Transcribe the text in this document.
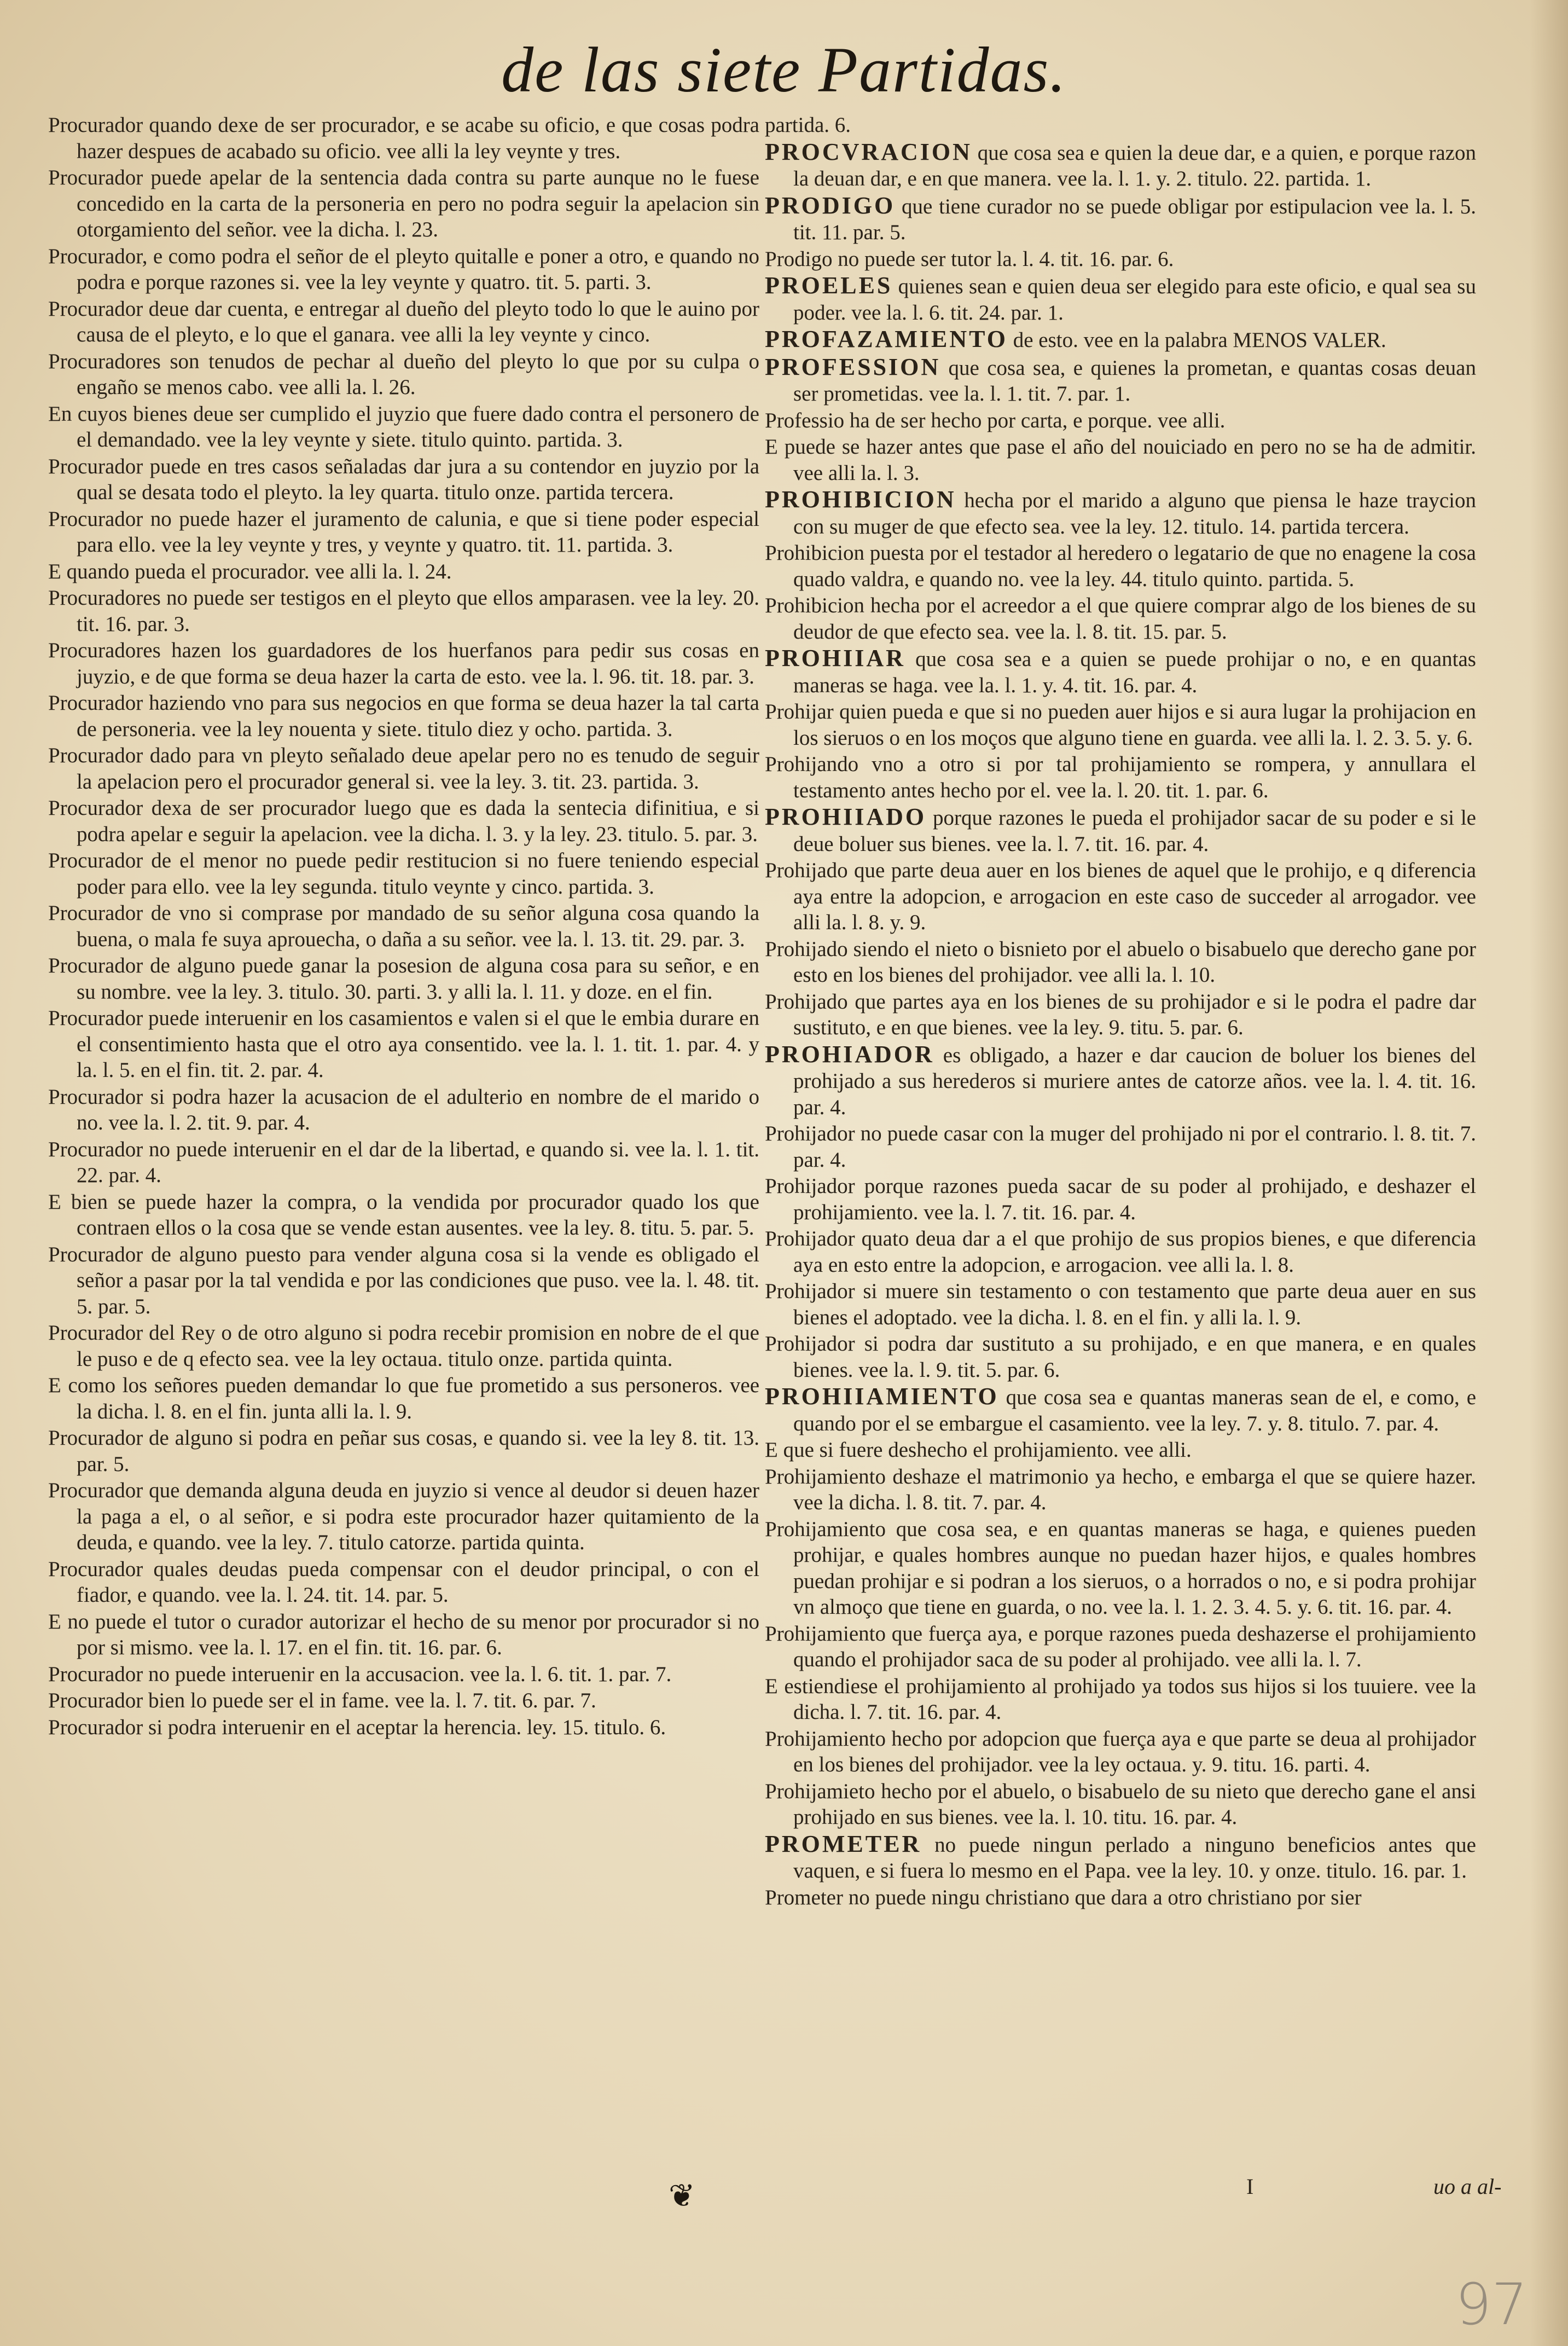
de las siete Partidas.

Procurador quando dexe de ser procurador, e se acabe su oficio, e que cosas podra hazer despues de acabado su oficio. vee alli la ley veynte y tres.

Procurador puede apelar de la sentencia dada contra su parte aunque no le fuese concedido en la carta de la personeria en pero no podra seguir la apelacion sin otorgamiento del señor. vee la dicha. l. 23.

Procurador, e como podra el señor de el pleyto quitalle e poner a otro, e quando no podra e porque razones si. vee la ley veynte y quatro. tit. 5. parti. 3.

Procurador deue dar cuenta, e entregar al dueño del pleyto todo lo que le auino por causa de el pleyto, e lo que el ganara. vee alli la ley veynte y cinco.

Procuradores son tenudos de pechar al dueño del pleyto lo que por su culpa o engaño se menos cabo. vee alli la. l. 26.

En cuyos bienes deue ser cumplido el juyzio que fuere dado contra el personero de el demandado. vee la ley veynte y siete. titulo quinto. partida. 3.

Procurador puede en tres casos señaladas dar jura a su contendor en juyzio por la qual se desata todo el pleyto. la ley quarta. titulo onze. partida tercera.

Procurador no puede hazer el juramento de calunia, e que si tiene poder especial para ello. vee la ley veynte y tres, y veynte y quatro. tit. 11. partida. 3.

E quando pueda el procurador. vee alli la. l. 24.

Procuradores no puede ser testigos en el pleyto que ellos amparasen. vee la ley. 20. tit. 16. par. 3.

Procuradores hazen los guardadores de los huerfanos para pedir sus cosas en juyzio, e de que forma se deua hazer la carta de esto. vee la. l. 96. tit. 18. par. 3.

Procurador haziendo vno para sus negocios en que forma se deua hazer la tal carta de personeria. vee la ley nouenta y siete. titulo diez y ocho. partida. 3.

Procurador dado para vn pleyto señalado deue apelar pero no es tenudo de seguir la apelacion pero el procurador general si. vee la ley. 3. tit. 23. partida. 3.

Procurador dexa de ser procurador luego que es dada la sentecia difinitiua, e si podra apelar e seguir la apelacion. vee la dicha. l. 3. y la ley. 23. titulo. 5. par. 3.

Procurador de el menor no puede pedir restitucion si no fuere teniendo especial poder para ello. vee la ley segunda. titulo veynte y cinco. partida. 3.

Procurador de vno si comprase por mandado de su señor alguna cosa quando la buena, o mala fe suya aprouecha, o daña a su señor. vee la. l. 13. tit. 29. par. 3.

Procurador de alguno puede ganar la posesion de alguna cosa para su señor, e en su nombre. vee la ley. 3. titulo. 30. parti. 3. y alli la. l. 11. y doze. en el fin.

Procurador puede interuenir en los casamientos e valen si el que le embia durare en el consentimiento hasta que el otro aya consentido. vee la. l. 1. tit. 1. par. 4. y la. l. 5. en el fin. tit. 2. par. 4.

Procurador si podra hazer la acusacion de el adulterio en nombre de el marido o no. vee la. l. 2. tit. 9. par. 4.

Procurador no puede interuenir en el dar de la libertad, e quando si. vee la. l. 1. tit. 22. par. 4.

E bien se puede hazer la compra, o la vendida por procurador quado los que contraen ellos o la cosa que se vende estan ausentes. vee la ley. 8. titu. 5. par. 5.

Procurador de alguno puesto para vender alguna cosa si la vende es obligado el señor a pasar por la tal vendida e por las condiciones que puso. vee la. l. 48. tit. 5. par. 5.

Procurador del Rey o de otro alguno si podra recebir promision en nobre de el que le puso e de q efecto sea. vee la ley octaua. titulo onze. partida quinta.

E como los señores pueden demandar lo que fue prometido a sus personeros. vee la dicha. l. 8. en el fin. junta alli la. l. 9.

Procurador de alguno si podra en peñar sus cosas, e quando si. vee la ley 8. tit. 13. par. 5.

Procurador que demanda alguna deuda en juyzio si vence al deudor si deuen hazer la paga a el, o al señor, e si podra este procurador hazer quitamiento de la deuda, e quando. vee la ley. 7. titulo catorze. partida quinta.

Procurador quales deudas pueda compensar con el deudor principal, o con el fiador, e quando. vee la. l. 24. tit. 14. par. 5.

E no puede el tutor o curador autorizar el hecho de su menor por procurador si no por si mismo. vee la. l. 17. en el fin. tit. 16. par. 6.

Procurador no puede interuenir en la accusacion. vee la. l. 6. tit. 1. par. 7.

Procurador bien lo puede ser el in fame. vee la. l. 7. tit. 6. par. 7.

Procurador si podra interuenir en el aceptar la herencia. ley. 15. titulo. 6.

partida. 6.

PROCVRACION que cosa sea e quien la deue dar, e a quien, e porque razon la deuan dar, e en que manera. vee la. l. 1. y. 2. titulo. 22. partida. 1.

PRODIGO que tiene curador no se puede obligar por estipulacion vee la. l. 5. tit. 11. par. 5.

Prodigo no puede ser tutor la. l. 4. tit. 16. par. 6.

PROELES quienes sean e quien deua ser elegido para este oficio, e qual sea su poder. vee la. l. 6. tit. 24. par. 1.

PROFAZAMIENTO de esto. vee en la palabra MENOS VALER.

PROFESSION que cosa sea, e quienes la prometan, e quantas cosas deuan ser prometidas. vee la. l. 1. tit. 7. par. 1.

Professio ha de ser hecho por carta, e porque. vee alli.

E puede se hazer antes que pase el año del nouiciado en pero no se ha de admitir. vee alli la. l. 3.

PROHIBICION hecha por el marido a alguno que piensa le haze traycion con su muger de que efecto sea. vee la ley. 12. titulo. 14. partida tercera.

Prohibicion puesta por el testador al heredero o legatario de que no enagene la cosa quado valdra, e quando no. vee la ley. 44. titulo quinto. partida. 5.

Prohibicion hecha por el acreedor a el que quiere comprar algo de los bienes de su deudor de que efecto sea. vee la. l. 8. tit. 15. par. 5.

PROHIIAR que cosa sea e a quien se puede prohijar o no, e en quantas maneras se haga. vee la. l. 1. y. 4. tit. 16. par. 4.

Prohijar quien pueda e que si no pueden auer hijos e si aura lugar la prohijacion en los sieruos o en los moços que alguno tiene en guarda. vee alli la. l. 2. 3. 5. y. 6.

Prohijando vno a otro si por tal prohijamiento se rompera, y annullara el testamento antes hecho por el. vee la. l. 20. tit. 1. par. 6.

PROHIIADO porque razones le pueda el prohijador sacar de su poder e si le deue boluer sus bienes. vee la. l. 7. tit. 16. par. 4.

Prohijado que parte deua auer en los bienes de aquel que le prohijo, e q diferencia aya entre la adopcion, e arrogacion en este caso de succeder al arrogador. vee alli la. l. 8. y. 9.

Prohijado siendo el nieto o bisnieto por el abuelo o bisabuelo que derecho gane por esto en los bienes del prohijador. vee alli la. l. 10.

Prohijado que partes aya en los bienes de su prohijador e si le podra el padre dar sustituto, e en que bienes. vee la ley. 9. titu. 5. par. 6.

PROHIADOR es obligado, a hazer e dar caucion de boluer los bienes del prohijado a sus herederos si muriere antes de catorze años. vee la. l. 4. tit. 16. par. 4.

Prohijador no puede casar con la muger del prohijado ni por el contrario. l. 8. tit. 7. par. 4.

Prohijador porque razones pueda sacar de su poder al prohijado, e deshazer el prohijamiento. vee la. l. 7. tit. 16. par. 4.

Prohijador quato deua dar a el que prohijo de sus propios bienes, e que diferencia aya en esto entre la adopcion, e arrogacion. vee alli la. l. 8.

Prohijador si muere sin testamento o con testamento que parte deua auer en sus bienes el adoptado. vee la dicha. l. 8. en el fin. y alli la. l. 9.

Prohijador si podra dar sustituto a su prohijado, e en que manera, e en quales bienes. vee la. l. 9. tit. 5. par. 6.

PROHIIAMIENTO que cosa sea e quantas maneras sean de el, e como, e quando por el se embargue el casamiento. vee la ley. 7. y. 8. titulo. 7. par. 4.

E que si fuere deshecho el prohijamiento. vee alli.

Prohijamiento deshaze el matrimonio ya hecho, e embarga el que se quiere hazer. vee la dicha. l. 8. tit. 7. par. 4.

Prohijamiento que cosa sea, e en quantas maneras se haga, e quienes pueden prohijar, e quales hombres aunque no puedan hazer hijos, e quales hombres puedan prohijar e si podran a los sieruos, o a horrados o no, e si podra prohijar vn almoço que tiene en guarda, o no. vee la. l. 1. 2. 3. 4. 5. y. 6. tit. 16. par. 4.

Prohijamiento que fuerça aya, e porque razones pueda deshazerse el prohijamiento quando el prohijador saca de su poder al prohijado. vee alli la. l. 7.

E estiendiese el prohijamiento al prohijado ya todos sus hijos si los tuuiere. vee la dicha. l. 7. tit. 16. par. 4.

Prohijamiento hecho por adopcion que fuerça aya e que parte se deua al prohijador en los bienes del prohijador. vee la ley octaua. y. 9. titu. 16. parti. 4.

Prohijamieto hecho por el abuelo, o bisabuelo de su nieto que derecho gane el ansi prohijado en sus bienes. vee la. l. 10. titu. 16. par. 4.

PROMETER no puede ningun perlado a ninguno beneficios antes que vaquen, e si fuera lo mesmo en el Papa. vee la ley. 10. y onze. titulo. 16. par. 1.

Prometer no puede ningu christiano que dara a otro christiano por sier

❦	I	uo a al-
97
